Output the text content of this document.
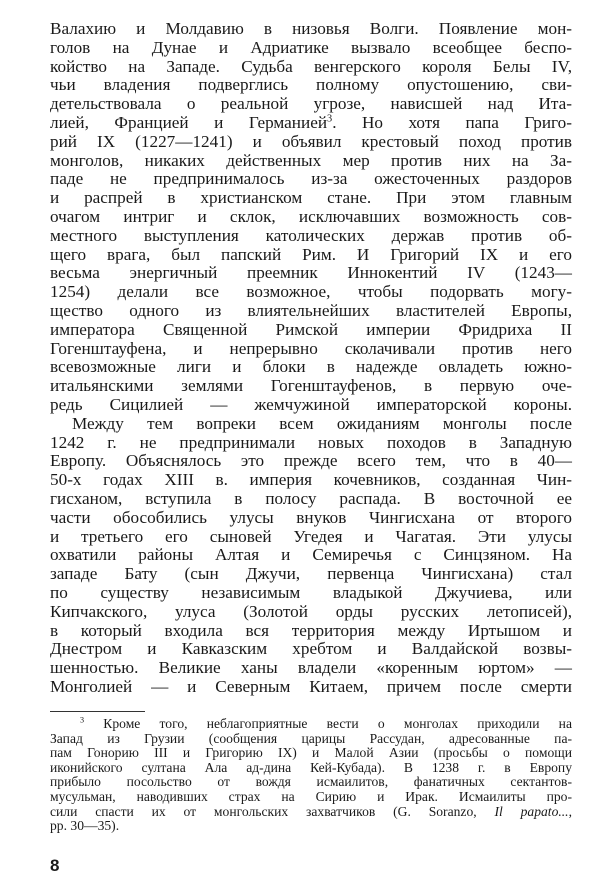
Валахию и Молдавию в низовья Волги. Появление мон-
голов на Дунае и Адриатике вызвало всеобщее беспо-
койство на Западе. Судьба венгерского короля Белы IV,
чьи владения подверглись полному опустошению, сви-
детельствовала о реальной угрозе, нависшей над Ита-
лией, Францией и Германией$^3$. Но хотя папа Григо-
рий IX (1227—1241) и объявил крестовый поход против
монголов, никаких действенных мер против них на За-
паде не предпринималось из-за ожесточенных раздоров
и распрей в христианском стане. При этом главным
очагом интриг и склок, исключавших возможность сов-
местного выступления католических держав против об-
щего врага, был папский Рим. И Григорий IX и его
весьма энергичный преемник Иннокентий IV (1243—
1254) делали все возможное, чтобы подорвать могу-
щество одного из влиятельнейших властителей Европы,
императора Священной Римской империи Фридриха II
Гогенштауфена, и непрерывно сколачивали против него
всевозможные лиги и блоки в надежде овладеть южно-
итальянскими землями Гогенштауфенов, в первую оче-
редь Сицилией — жемчужиной императорской короны.
Между тем вопреки всем ожиданиям монголы после
1242 г. не предпринимали новых походов в Западную
Европу. Объяснялось это прежде всего тем, что в 40—
50-х годах XIII в. империя кочевников, созданная Чин-
гисханом, вступила в полосу распада. В восточной ее
части обособились улусы внуков Чингисхана от второго
и третьего его сыновей Угедея и Чагатая. Эти улусы
охватили районы Алтая и Семиречья с Синцзяном. На
западе Бату (сын Джучи, первенца Чингисхана) стал
по существу независимым владыкой Джучиева, или
Кипчакского, улуса (Золотой орды русских летописей),
в который входила вся территория между Иртышом и
Днестром и Кавказским хребтом и Валдайской возвы-
шенностью. Великие ханы владели «коренным юртом» —
Монголией — и Северным Китаем, причем после смерти
$^3$ Кроме того, неблагоприятные вести о монголах приходили на
Запад из Грузии (сообщения царицы Рассудан, адресованные па-
пам Гонорию III и Григорию IX) и Малой Азии (просьбы о помощи
иконийского султана Ала ад-дина Кей-Кубада). В 1238 г. в Европу
прибыло посольство от вождя исмаилитов, фанатичных сектантов-
мусульман, наводивших страх на Сирию и Ирак. Исмаилиты про-
сили спасти их от монгольских захватчиков (G. Soranzo, Il papato...,
pp. 30—35).
8
